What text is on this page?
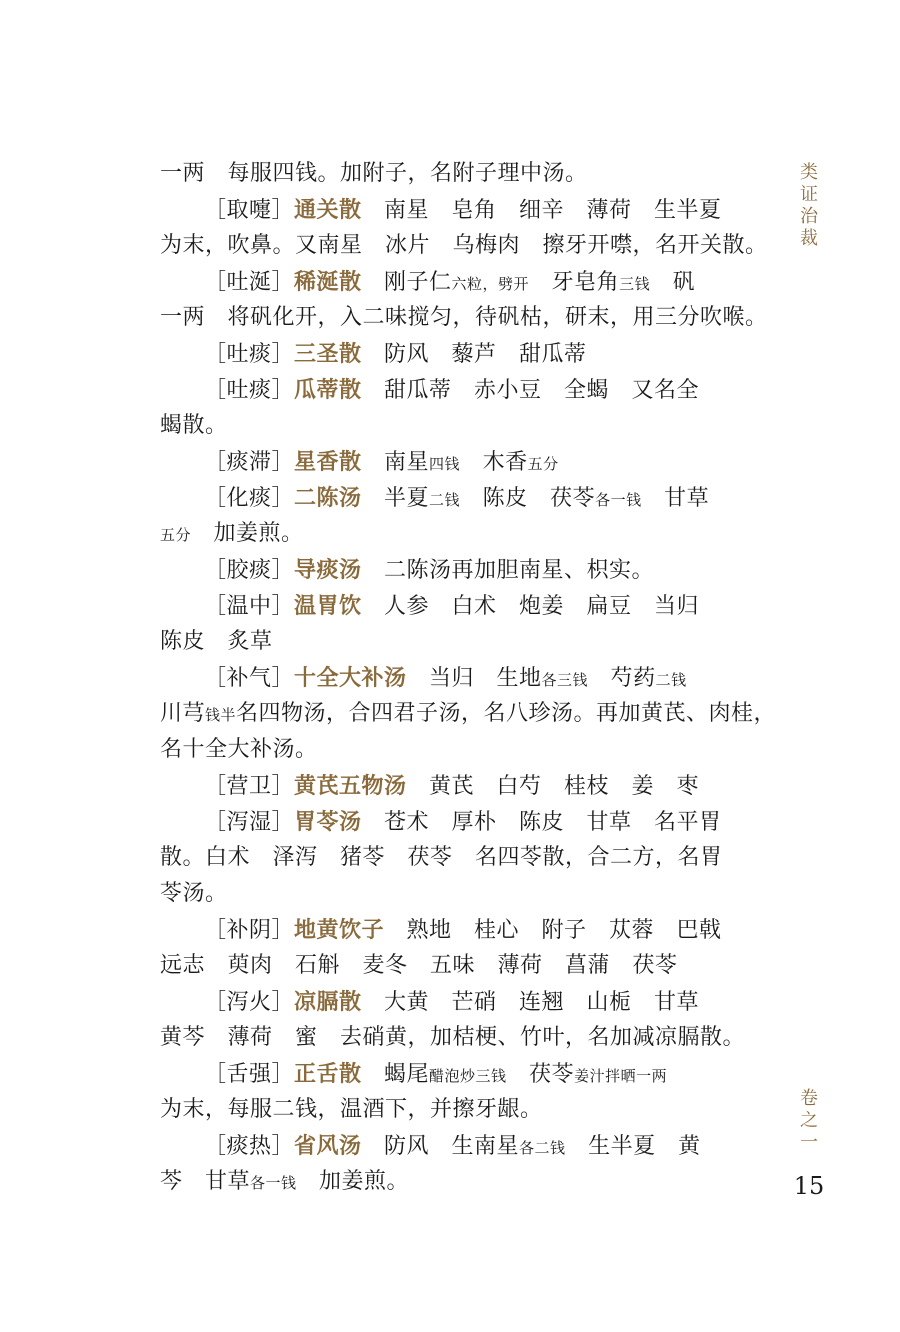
一两　每服四钱。加附子，名附子理中汤。
［取嚏］通关散　南星　皂角　细辛　薄荷　生半夏
为末，吹鼻。又南星　冰片　乌梅肉　擦牙开噤，名开关散。
［吐涎］稀涎散　刚子仁六粒，劈开　牙皂角三钱　矾
一两　将矾化开，入二味搅匀，待矾枯，研末，用三分吹喉。
［吐痰］三圣散　防风　藜芦　甜瓜蒂
［吐痰］瓜蒂散　甜瓜蒂　赤小豆　全蝎　又名全
蝎散。
［痰滞］星香散　南星四钱　木香五分
［化痰］二陈汤　半夏二钱　陈皮　茯苓各一钱　甘草
五分　加姜煎。
［胶痰］导痰汤　二陈汤再加胆南星、枳实。
［温中］温胃饮　人参　白术　炮姜　扁豆　当归
陈皮　炙草
［补气］十全大补汤　当归　生地各三钱　芍药二钱
川芎钱半名四物汤，合四君子汤，名八珍汤。再加黄芪、肉桂，
名十全大补汤。
［营卫］黄芪五物汤　黄芪　白芍　桂枝　姜　枣
［泻湿］胃苓汤　苍术　厚朴　陈皮　甘草　名平胃
散。白术　泽泻　猪苓　茯苓　名四苓散，合二方，名胃
苓汤。
［补阴］地黄饮子　熟地　桂心　附子　苁蓉　巴戟
远志　萸肉　石斛　麦冬　五味　薄荷　菖蒲　茯苓
［泻火］凉膈散　大黄　芒硝　连翘　山栀　甘草
黄芩　薄荷　蜜　去硝黄，加桔梗、竹叶，名加减凉膈散。
［舌强］正舌散　蝎尾醋泡炒三钱　茯苓姜汁拌晒一两
为末，每服二钱，温酒下，并擦牙龈。
［痰热］省风汤　防风　生南星各二钱　生半夏　黄
芩　甘草各一钱　加姜煎。
类
证
治
裁
卷
之
一
15
